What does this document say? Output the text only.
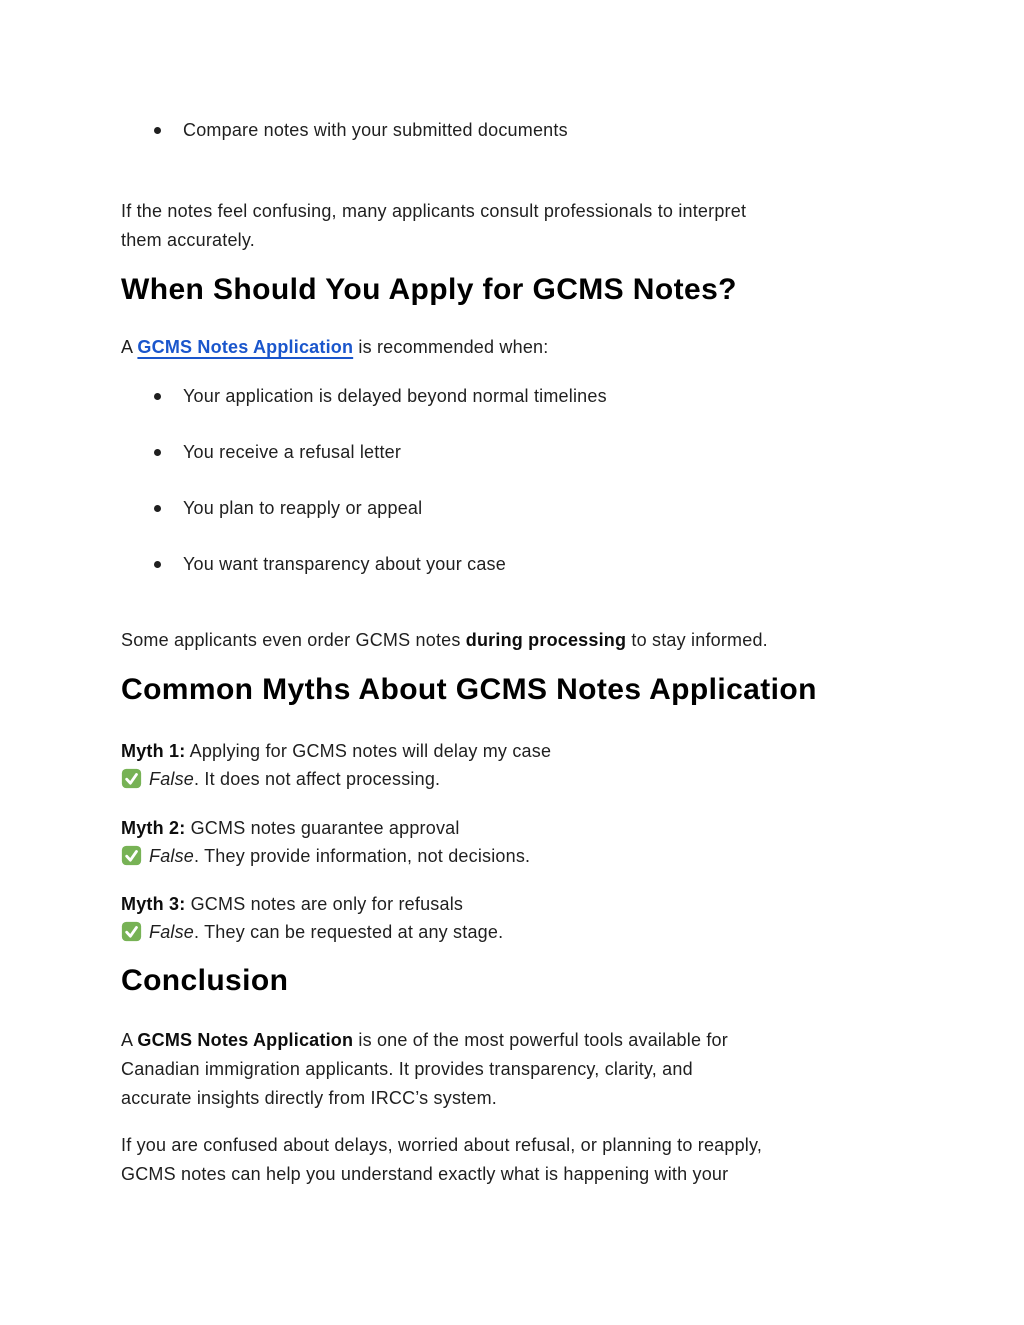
Compare notes with your submitted documents

If the notes feel confusing, many applicants consult professionals to interpret
them accurately.

When Should You Apply for GCMS Notes?

A GCMS Notes Application is recommended when:

Your application is delayed beyond normal timelines
You receive a refusal letter
You plan to reapply or appeal
You want transparency about your case

Some applicants even order GCMS notes during processing to stay informed.

Common Myths About GCMS Notes Application

Myth 1: Applying for GCMS notes will delay my case

False. It does not affect processing.

Myth 2: GCMS notes guarantee approval

False. They provide information, not decisions.

Myth 3: GCMS notes are only for refusals

False. They can be requested at any stage.

Conclusion

A GCMS Notes Application is one of the most powerful tools available for
Canadian immigration applicants. It provides transparency, clarity, and
accurate insights directly from IRCC’s system.

If you are confused about delays, worried about refusal, or planning to reapply,
GCMS notes can help you understand exactly what is happening with your
